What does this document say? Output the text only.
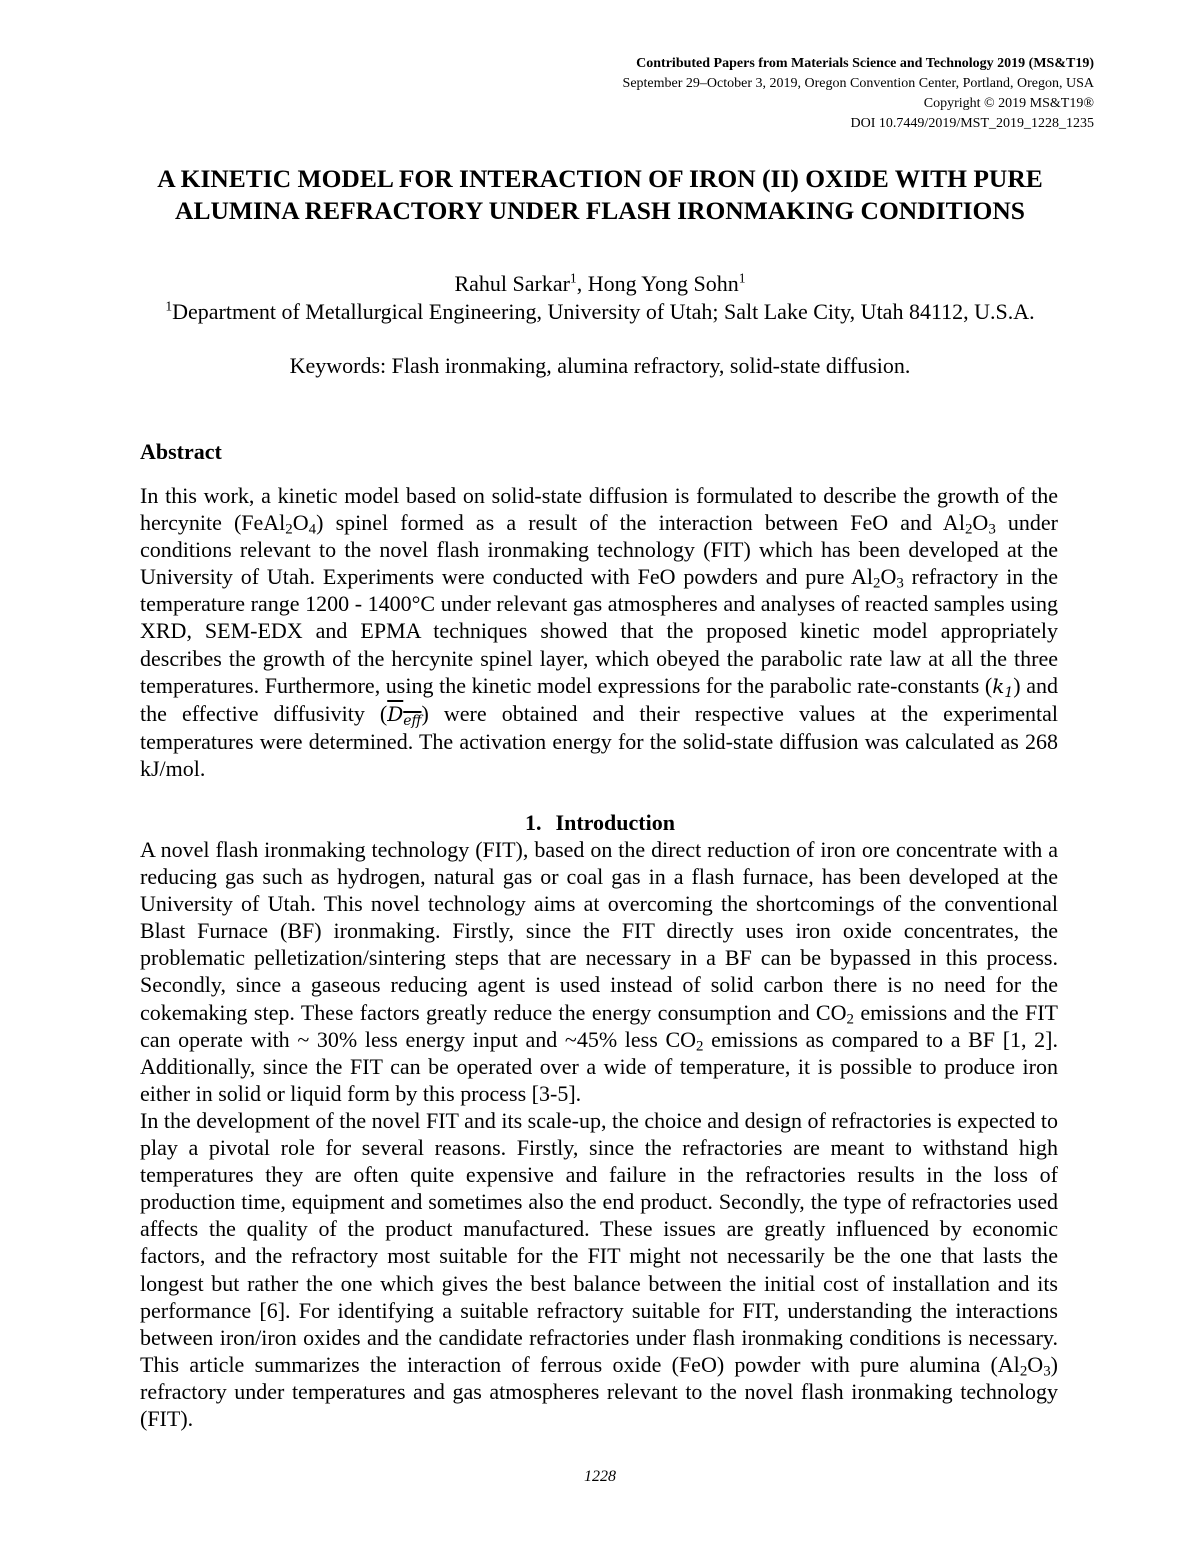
Contributed Papers from Materials Science and Technology 2019 (MS&T19)
September 29–October 3, 2019, Oregon Convention Center, Portland, Oregon, USA
Copyright © 2019 MS&T19®
DOI 10.7449/2019/MST_2019_1228_1235
A KINETIC MODEL FOR INTERACTION OF IRON (II) OXIDE WITH PURE ALUMINA REFRACTORY UNDER FLASH IRONMAKING CONDITIONS
Rahul Sarkar$^1$, Hong Yong Sohn$^1$
$^1$Department of Metallurgical Engineering, University of Utah; Salt Lake City, Utah 84112, U.S.A.
Keywords: Flash ironmaking, alumina refractory, solid-state diffusion.
Abstract
In this work, a kinetic model based on solid-state diffusion is formulated to describe the growth of the hercynite $(FeAl_2O_4)$ spinel formed as a result of the interaction between FeO and $Al_2O_3$ under conditions relevant to the novel flash ironmaking technology (FIT) which has been developed at the University of Utah. Experiments were conducted with FeO powders and pure $Al_2O_3$ refractory in the temperature range 1200 - 1400°C under relevant gas atmospheres and analyses of reacted samples using XRD, SEM-EDX and EPMA techniques showed that the proposed kinetic model appropriately describes the growth of the hercynite spinel layer, which obeyed the parabolic rate law at all the three temperatures. Furthermore, using the kinetic model expressions for the parabolic rate-constants $(k_1)$ and the effective diffusivity $(D_{eff})$ were obtained and their respective values at the experimental temperatures were determined. The activation energy for the solid-state diffusion was calculated as 268 kJ/mol.
1. Introduction
A novel flash ironmaking technology (FIT), based on the direct reduction of iron ore concentrate with a reducing gas such as hydrogen, natural gas or coal gas in a flash furnace, has been developed at the University of Utah. This novel technology aims at overcoming the shortcomings of the conventional Blast Furnace (BF) ironmaking. Firstly, since the FIT directly uses iron oxide concentrates, the problematic pelletization/sintering steps that are necessary in a BF can be bypassed in this process. Secondly, since a gaseous reducing agent is used instead of solid carbon there is no need for the cokemaking step. These factors greatly reduce the energy consumption and $CO_2$ emissions and the FIT can operate with ~ 30% less energy input and ~45% less $CO_2$ emissions as compared to a BF [1, 2]. Additionally, since the FIT can be operated over a wide of temperature, it is possible to produce iron either in solid or liquid form by this process [3-5].
In the development of the novel FIT and its scale-up, the choice and design of refractories is expected to play a pivotal role for several reasons. Firstly, since the refractories are meant to withstand high temperatures they are often quite expensive and failure in the refractories results in the loss of production time, equipment and sometimes also the end product. Secondly, the type of refractories used affects the quality of the product manufactured. These issues are greatly influenced by economic factors, and the refractory most suitable for the FIT might not necessarily be the one that lasts the longest but rather the one which gives the best balance between the initial cost of installation and its performance [6]. For identifying a suitable refractory suitable for FIT, understanding the interactions between iron/iron oxides and the candidate refractories under flash ironmaking conditions is necessary. This article summarizes the interaction of ferrous oxide (FeO) powder with pure alumina $(Al_2O_3)$ refractory under temperatures and gas atmospheres relevant to the novel flash ironmaking technology (FIT).
1228
